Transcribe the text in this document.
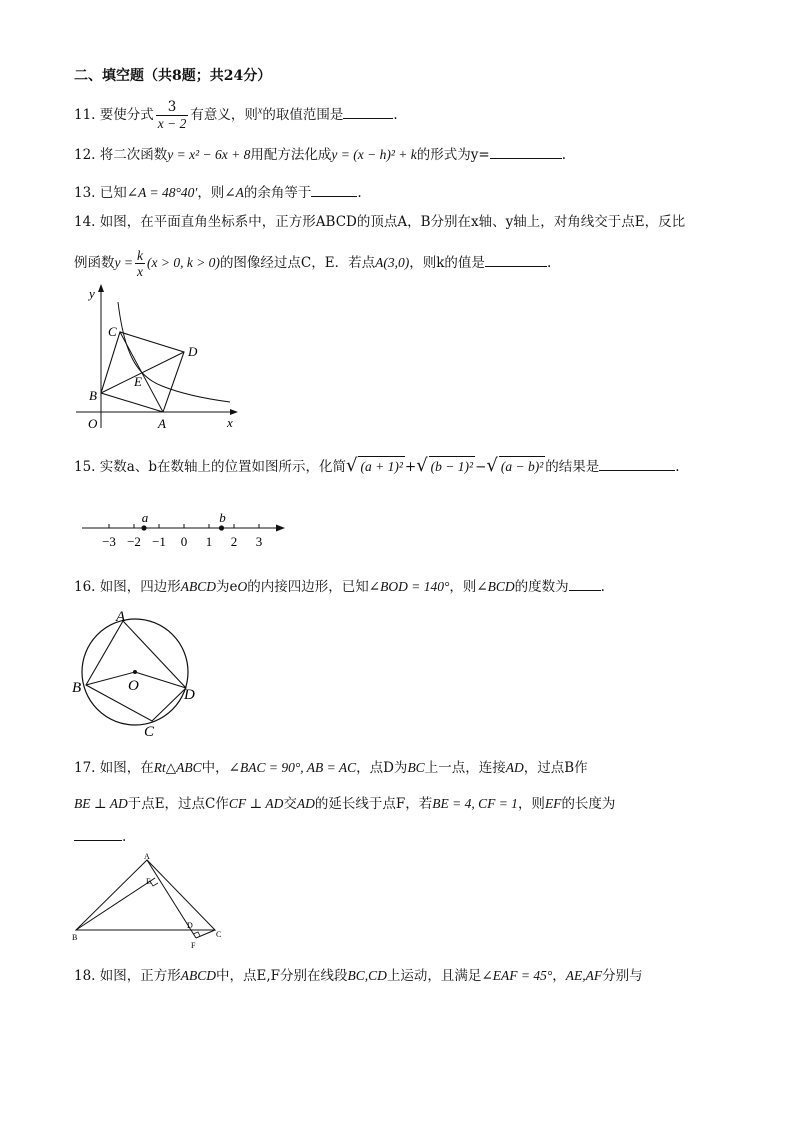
二、填空题（共8题；共24分）
11. 要使分式 $\frac{3}{x - 2}$ 有意义，则$^x$的取值范围是	.
12. 将二次函数y = x² − 6x + 8用配方法化成y = (x − h)² + k的形式为y=	.
13. 已知∠A = 48°40′，则∠A的余角等于	.
14. 如图，在平面直角坐标系中，正方形ABCD的顶点A，B分别在x轴、y轴上，对角线交于点E，反比
例函数$y = \frac{k}{x} (x > 0$, k > 0)的图像经过点C，E．若点A(3,0)，则k的值是	.
y
x
O	A
B
C
D
E
15. 实数a、b在数轴上的位置如图所示，化简√ (a + 1)² +√ (b − 1)² −√ (a − b)² 的结果是	.
−3 −2 −1 0 1 2 3
a	b
16. 如图，四边形ABCD为eO的内接四边形，已知∠BOD = 140°，则∠BCD的度数为 .
A
B
C
D
O
17. 如图，在Rt△ABC中，∠BAC = 90°, AB = AC，点D为BC上一点，连接AD，过点B作
BE ⊥ AD于点E，过点C作CF ⊥ AD交AD的延长线于点F，若BE = 4, CF = 1，则EF的长度为
.
A
B	C
D
E
F
18. 如图，正方形ABCD中，点E,F分别在线段BC,CD上运动，且满足∠EAF = 45°，AE,AF分别与
